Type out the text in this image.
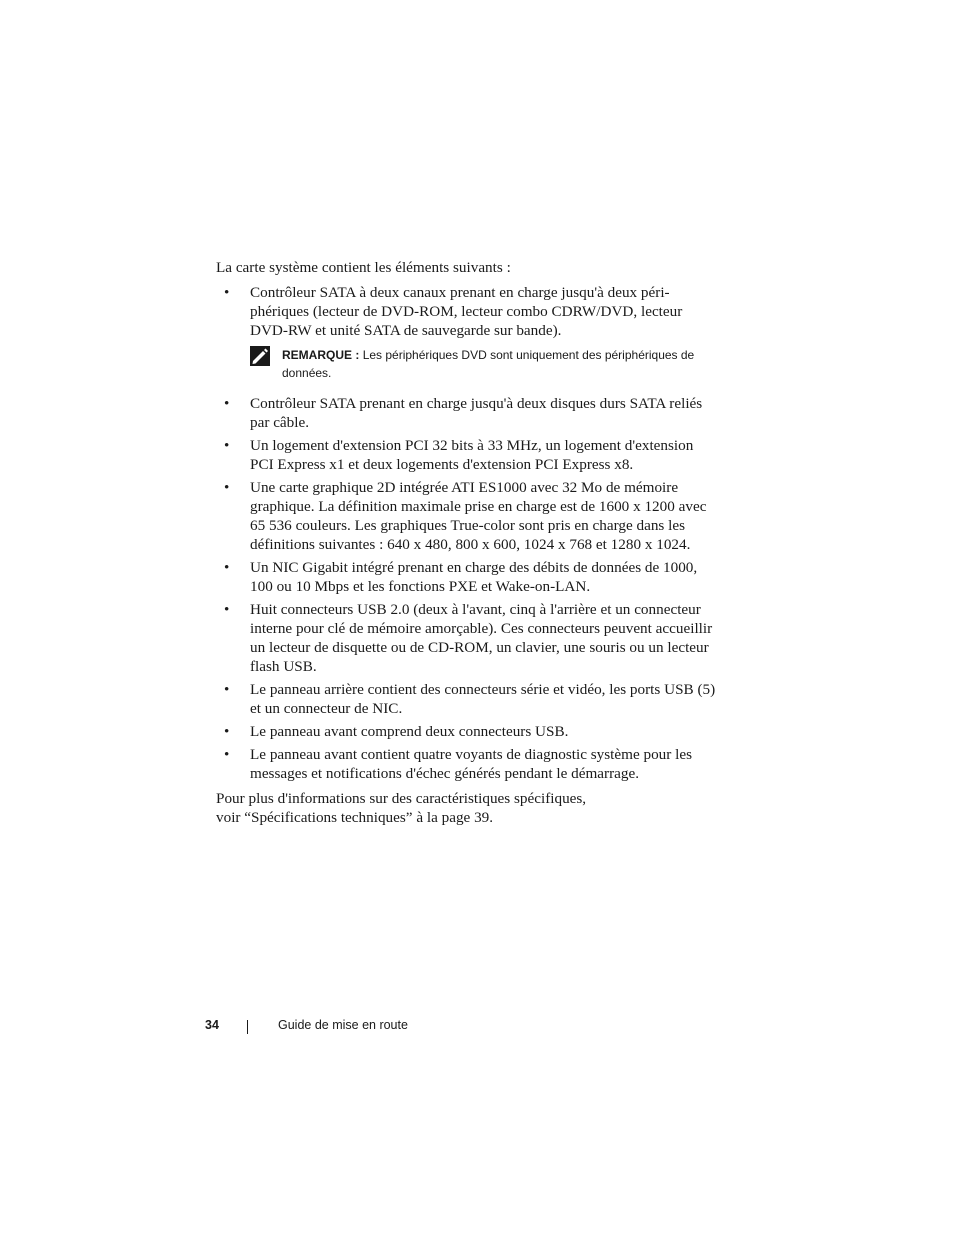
La carte système contient les éléments suivants :

• Contrôleur SATA à deux canaux prenant en charge jusqu'à deux péri- phériques (lecteur de DVD-ROM, lecteur combo CDRW/DVD, lecteur DVD-RW et unité SATA de sauvegarde sur bande).
REMARQUE : Les périphériques DVD sont uniquement des périphériques de données.
• Contrôleur SATA prenant en charge jusqu'à deux disques durs SATA reliés par câble.
• Un logement d'extension PCI 32 bits à 33 MHz, un logement d'extension PCI Express x1 et deux logements d'extension PCI Express x8.
• Une carte graphique 2D intégrée ATI ES1000 avec 32 Mo de mémoire graphique. La définition maximale prise en charge est de 1600 x 1200 avec 65 536 couleurs. Les graphiques True-color sont pris en charge dans les définitions suivantes : 640 x 480, 800 x 600, 1024 x 768 et 1280 x 1024.
• Un NIC Gigabit intégré prenant en charge des débits de données de 1000, 100 ou 10 Mbps et les fonctions PXE et Wake-on-LAN.
• Huit connecteurs USB 2.0 (deux à l'avant, cinq à l'arrière et un connecteur interne pour clé de mémoire amorçable). Ces connecteurs peuvent accueillir un lecteur de disquette ou de CD-ROM, un clavier, une souris ou un lecteur flash USB.
• Le panneau arrière contient des connecteurs série et vidéo, les ports USB (5) et un connecteur de NIC.
• Le panneau avant comprend deux connecteurs USB.
• Le panneau avant contient quatre voyants de diagnostic système pour les messages et notifications d'échec générés pendant le démarrage.

Pour plus d'informations sur des caractéristiques spécifiques,
voir “Spécifications techniques” à la page 39.

34	Guide de mise en route
